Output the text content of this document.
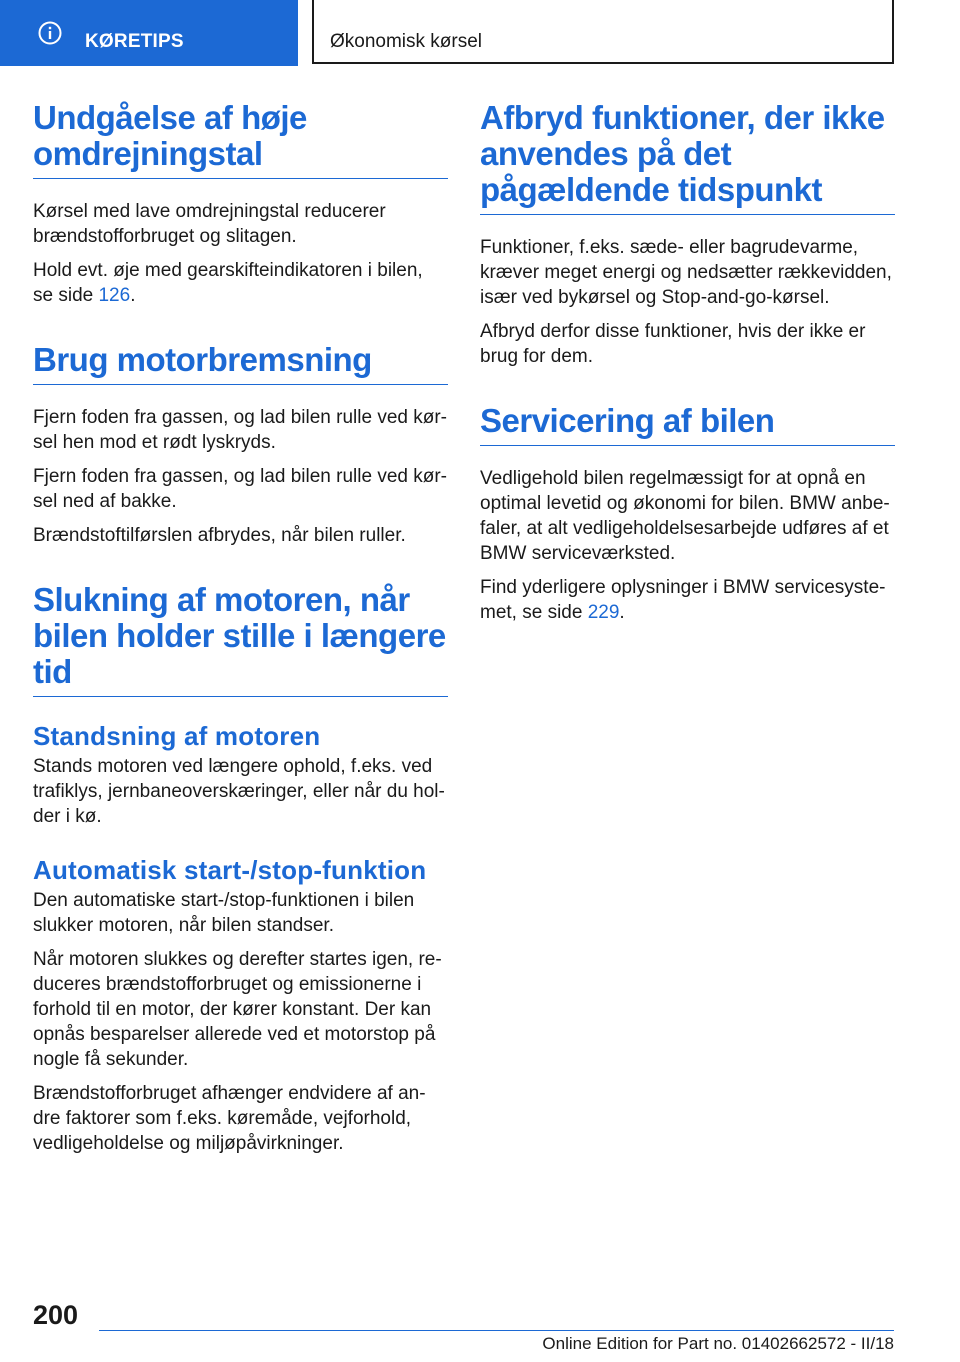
KØRETIPS	Økonomisk kørsel
Undgåelse af høje omdrejningstal

Kørsel med lave omdrejningstal reducerer brændstofforbruget og slitagen.

Hold evt. øje med gearskifteindikatoren i bilen, se side 126.

Brug motorbremsning

Fjern foden fra gassen, og lad bilen rulle ved kør‐sel hen mod et rødt lyskryds.

Fjern foden fra gassen, og lad bilen rulle ved kør‐sel ned af bakke.

Brændstoftilførslen afbrydes, når bilen ruller.

Slukning af motoren, når bilen holder stille i længere tid
Standsning af motoren

Stands motoren ved længere ophold, f.eks. ved trafiklys, jernbaneoverskæringer, eller når du hol‐der i kø.

Automatisk start-/stop-funktion

Den automatiske start-/stop-funktionen i bilen slukker motoren, når bilen standser.

Når motoren slukkes og derefter startes igen, re‐duceres brændstofforbruget og emissionerne i forhold til en motor, der kører konstant. Der kan opnås besparelser allerede ved et motorstop på nogle få sekunder.

Brændstofforbruget afhænger endvidere af an‐dre faktorer som f.eks. køremåde, vejforhold, vedligeholdelse og miljøpåvirkninger.

Afbryd funktioner, der ikke anvendes på det pågældende tidspunkt

Funktioner, f.eks. sæde- eller bagrudevarme, kræver meget energi og nedsætter rækkevidden, især ved bykørsel og Stop-and-go-kørsel.

Afbryd derfor disse funktioner, hvis der ikke er brug for dem.

Servicering af bilen

Vedligehold bilen regelmæssigt for at opnå en optimal levetid og økonomi for bilen. BMW anbe‐faler, at alt vedligeholdelsesarbejde udføres af et BMW serviceværksted.

Find yderligere oplysninger i BMW servicesyste‐met, se side 229.

200
Online Edition for Part no. 01402662572 - II/18
